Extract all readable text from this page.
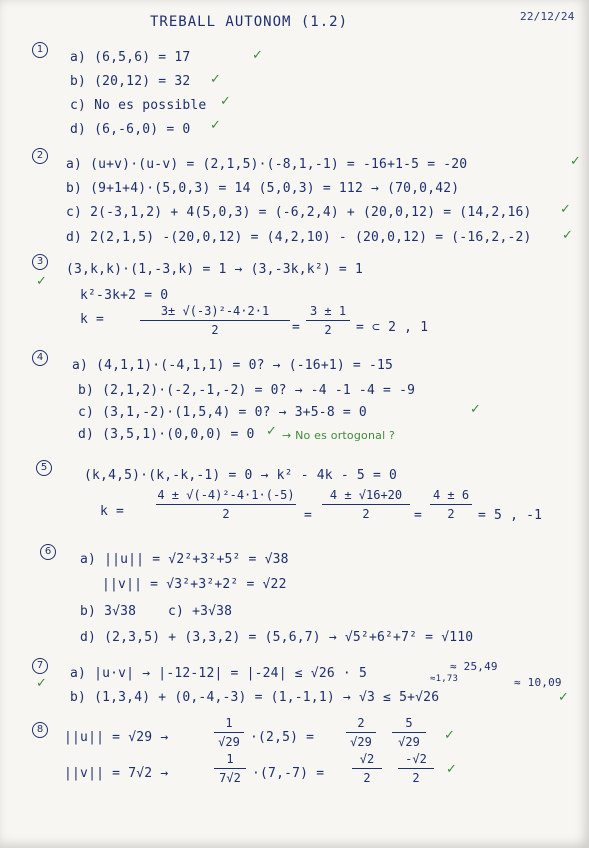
TREBALL AUTONOM (1.2)	22/12/24
1
a) (6,5,6) = 17	✓
b) (20,12) = 32 ✓
c) No es possible ✓
d) (6,-6,0) = 0 ✓
2
a) (u+v)·(u-v) = (2,1,5)·(-8,1,-1) = -16+1-5 = -20	✓
b) (9+1+4)·(5,0,3) = 14 (5,0,3) = 112 → (70,0,42)
c) 2(-3,1,2) + 4(5,0,3) = (-6,2,4) + (20,0,12) = (14,2,16) ✓
d) 2(2,1,5) -(20,0,12) = (4,2,10) - (20,0,12) = (-16,2,-2) ✓
3
✓
(3,k,k)·(1,-3,k) = 1 → (3,-3k,k²) = 1
k²-3k+2 = 0
k =
3± √(-3)²-4·2·1
2	=
3 ± 1
2	= ⊂ 2 , 1
4
a) (4,1,1)·(-4,1,1) = 0? → (-16+1) = -15
b) (2,1,2)·(-2,-1,-2) = 0? → -4 -1 -4 = -9
c) (3,1,-2)·(1,5,4) = 0? → 3+5-8 = 0	✓
d) (3,5,1)·(0,0,0) = 0 ✓ → No es ortogonal ?
5
(k,4,5)·(k,-k,-1) = 0 → k² - 4k - 5 = 0
k =
4 ± √(-4)²-4·1·(-5)
2	=
4 ± √16+20
2	=
4 ± 6
2	= 5 , -1
6
a) ||u|| = √2²+3²+5² = √38
||v|| = √3²+3²+2² = √22
b) 3√38 c) +3√38
d) (2,3,5) + (3,3,2) = (5,6,7) → √5²+6²+7² = √110
7
✓
a) |u·v| → |-12-12| = |-24| ≤ √26 · 5	≈ 25,49
≈1,73
b) (1,3,4) + (0,-4,-3) = (1,-1,1) → √3 ≤ 5+√26
≈ 10,09
✓
8
||u|| = √29 →
1
√29 ·(2,5) =
2
√29
5
√29	✓
||v|| = 7√2 →
1
7√2 ·(7,-7) =
√2
2
-√2
2
✓
